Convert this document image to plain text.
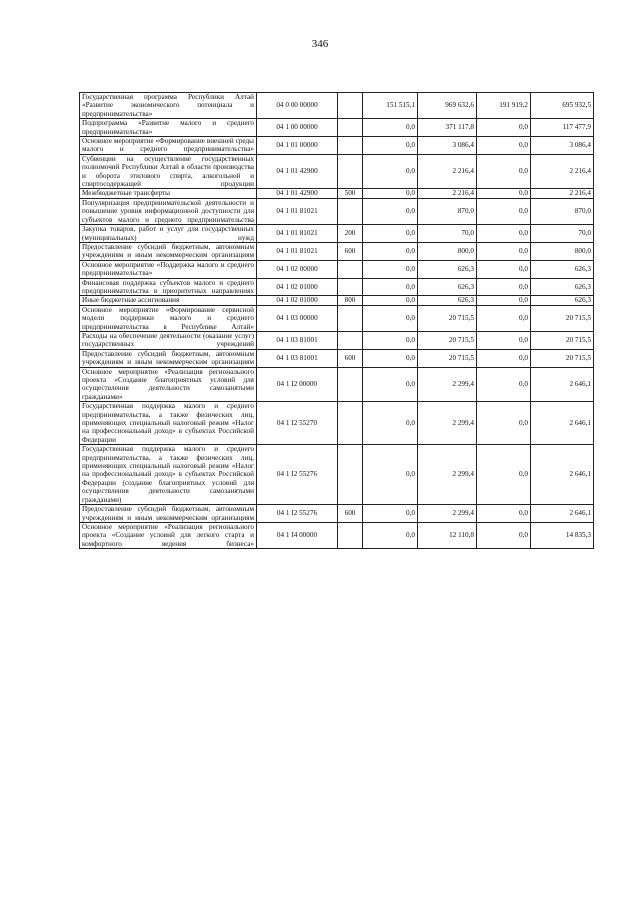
346
Государственная программа Республики Алтай «Развитие экономического потенциала и предпринимательства»	04 0 00 00000		151 515,1	969 632,6	191 919,2	695 932,5
Подпрограмма «Развитие малого и среднего предпринимательства»	04 1 00 00000		0,0	371 117,8	0,0	117 477,9
Основное мероприятие «Формирование внешней среды малого и среднего предпринимательства»	04 1 01 00000		0,0	3 086,4	0,0	3 086,4
Субвенции на осуществление государственных полномочий Республики Алтай в области производства и оборота этилового спирта, алкогольной и спиртосодержащей продукции	04 1 01 42900		0,0	2 216,4	0,0	2 216,4
Межбюджетные трансферты	04 1 01 42900	500	0,0	2 216,4	0,0	2 216,4
Популяризация предпринимательской деятельности и повышение уровня информационной доступности для субъектов малого и среднего предпринимательства	04 1 01 81021		0,0	870,0	0,0	870,0
Закупка товаров, работ и услуг для государственных (муниципальных) нужд	04 1 01 81021	200	0,0	70,0	0,0	70,0
Предоставление субсидий бюджетным, автономным учреждениям и иным некоммерческим организациям	04 1 01 81021	600	0,0	800,0	0,0	800,0
Основное мероприятие «Поддержка малого и среднего предпринимательства»	04 1 02 00000		0,0	626,3	0,0	626,3
Финансовая поддержка субъектов малого и среднего предпринимательства в приоритетных направлениях	04 1 02 01000		0,0	626,3	0,0	626,3
Иные бюджетные ассигнования	04 1 02 01000	800	0,0	626,3	0,0	626,3
Основное мероприятие «Формирование сервисной модели поддержки малого и среднего предпринимательства в Республике Алтай»	04 1 03 00000		0,0	20 715,5	0,0	20 715,5
Расходы на обеспечение деятельности (оказание услуг) государственных учреждений	04 1 03 81001		0,0	20 715,5	0,0	20 715,5
Предоставление субсидий бюджетным, автономным учреждениям и иным некоммерческим организациям	04 1 03 81001	600	0,0	20 715,5	0,0	20 715,5
Основное мероприятие «Реализация регионального проекта «Создание благоприятных условий для осуществления деятельности самозанятыми гражданами»	04 1 I2 00000		0,0	2 299,4	0,0	2 646,1
Государственная поддержка малого и среднего предпринимательства, а также физических лиц, применяющих специальный налоговый режим «Налог на профессиональный доход» в субъектах Российской Федерации	04 1 I2 55270		0,0	2 299,4	0,0	2 646,1
Государственная поддержка малого и среднего предпринимательства, а также физических лиц, применяющих специальный налоговый режим «Налог на профессиональный доход» в субъектах Российской Федерации (создание благоприятных условий для осуществления деятельности самозанятыми гражданами)	04 1 I2 55276		0,0	2 299,4	0,0	2 646,1
Предоставление субсидий бюджетным, автономным учреждениям и иным некоммерческим организациям	04 1 I2 55276	600	0,0	2 299,4	0,0	2 646,1
Основное мероприятие «Реализация регионального проекта «Создание условий для легкого старта и комфортного ведения бизнеса»	04 1 I4 00000		0,0	12 110,8	0,0	14 835,3
